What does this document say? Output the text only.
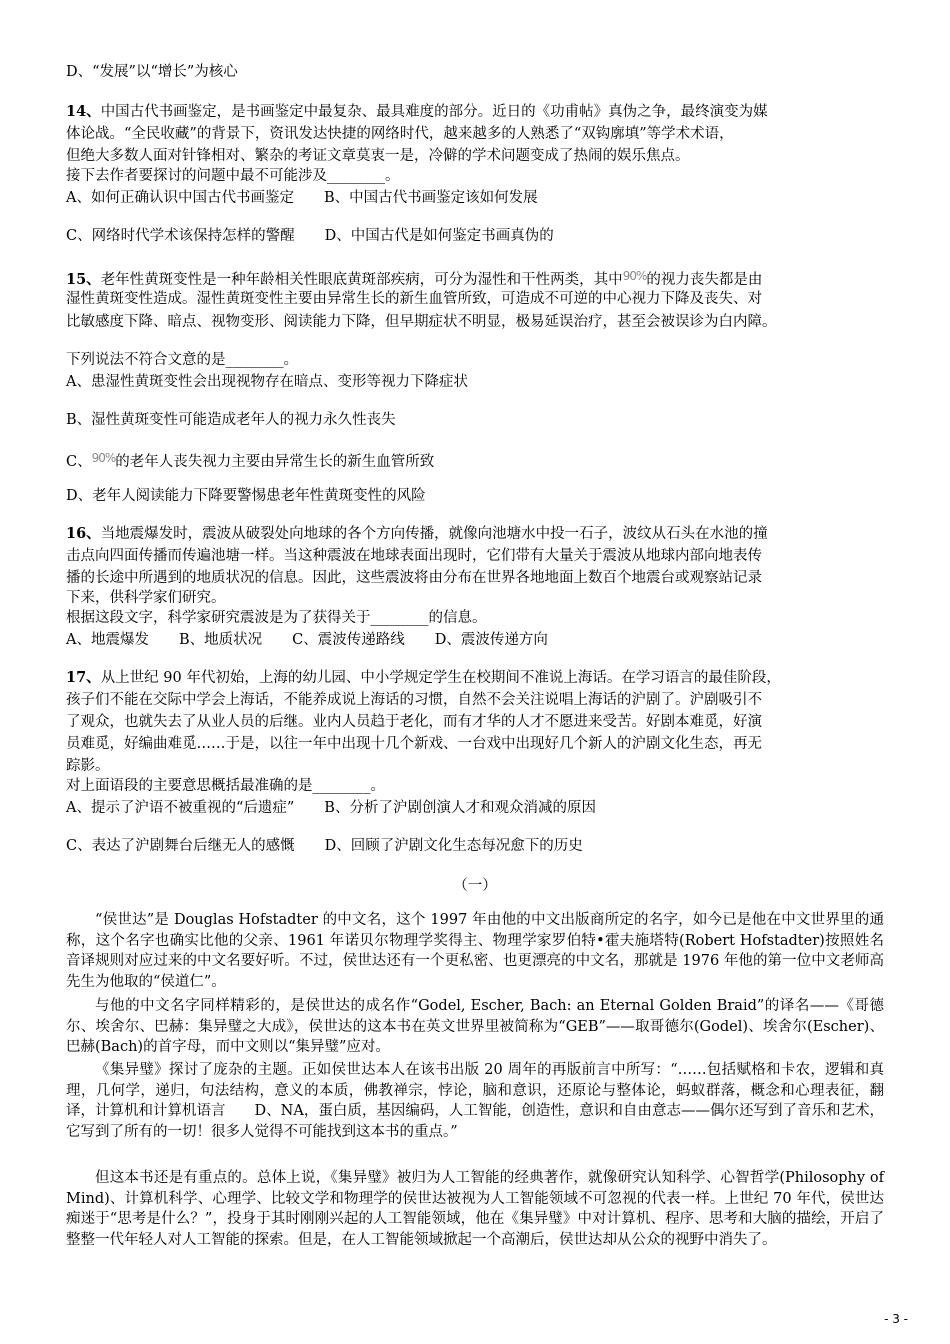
D、“发展”以“增长”为核心
14、中国古代书画鉴定，是书画鉴定中最复杂、最具难度的部分。近日的《功甫帖》真伪之争，最终演变为媒
体论战。“全民收藏”的背景下，资讯发达快捷的网络时代，越来越多的人熟悉了“双钩廓填”等学术术语，
但绝大多数人面对针锋相对、繁杂的考证文章莫衷一是，冷僻的学术问题变成了热闹的娱乐焦点。
接下去作者要探讨的问题中最不可能涉及________。
A、如何正确认识中国古代书画鉴定 B、中国古代书画鉴定该如何发展
C、网络时代学术该保持怎样的警醒 D、中国古代是如何鉴定书画真伪的
15、老年性黄斑变性是一种年龄相关性眼底黄斑部疾病，可分为湿性和干性两类，其中$^{90\%}$的视力丧失都是由
湿性黄斑变性造成。湿性黄斑变性主要由异常生长的新生血管所致，可造成不可逆的中心视力下降及丧失、对
比敏感度下降、暗点、视物变形、阅读能力下降，但早期症状不明显，极易延误治疗，甚至会被误诊为白内障。
下列说法不符合文意的是________。
A、患湿性黄斑变性会出现视物存在暗点、变形等视力下降症状
B、湿性黄斑变性可能造成老年人的视力永久性丧失
C、$^{90\%}$的老年人丧失视力主要由异常生长的新生血管所致
D、老年人阅读能力下降要警惕患老年性黄斑变性的风险
16、当地震爆发时，震波从破裂处向地球的各个方向传播，就像向池塘水中投一石子，波纹从石头在水池的撞
击点向四面传播而传遍池塘一样。当这种震波在地球表面出现时，它们带有大量关于震波从地球内部向地表传
播的长途中所遇到的地质状况的信息。因此，这些震波将由分布在世界各地地面上数百个地震台或观察站记录
下来，供科学家们研究。
根据这段文字，科学家研究震波是为了获得关于________的信息。
A、地震爆发 B、地质状况 C、震波传递路线 D、震波传递方向
17、从上世纪 90 年代初始，上海的幼儿园、中小学规定学生在校期间不准说上海话。在学习语言的最佳阶段，
孩子们不能在交际中学会上海话，不能养成说上海话的习惯，自然不会关注说唱上海话的沪剧了。沪剧吸引不
了观众，也就失去了从业人员的后继。业内人员趋于老化，而有才华的人才不愿进来受苦。好剧本难觅，好演
员难觅，好编曲难觅……于是，以往一年中出现十几个新戏、一台戏中出现好几个新人的沪剧文化生态，再无
踪影。
对上面语段的主要意思概括最准确的是________。
A、提示了沪语不被重视的“后遗症” B、分析了沪剧创演人才和观众消减的原因
C、表达了沪剧舞台后继无人的感慨 D、回顾了沪剧文化生态每况愈下的历史
（一）
“侯世达”是 Douglas Hofstadter 的中文名，这个 1997 年由他的中文出版商所定的名字，如今已是他在中文世界里的通称，这个名字也确实比他的父亲、1961 年诺贝尔物理学奖得主、物理学家罗伯特•霍夫施塔特(Robert Hofstadter)按照姓名音译规则对应过来的中文名要好听。不过，侯世达还有一个更私密、也更漂亮的中文名，那就是 1976 年他的第一位中文老师高先生为他取的“侯道仁”。
与他的中文名字同样精彩的，是侯世达的成名作“Godel, Escher, Bach: an Eternal Golden Braid”的译名——《哥德尔、埃舍尔、巴赫：集异璧之大成》，侯世达的这本书在英文世界里被简称为“GEB”——取哥德尔(Godel)、埃舍尔(Escher)、巴赫(Bach)的首字母，而中文则以“集异璧”应对。
《集异璧》探讨了庞杂的主题。正如侯世达本人在该书出版 20 周年的再版前言中所写：“……包括赋格和卡农，逻辑和真理，几何学，递归，句法结构，意义的本质，佛教禅宗，悖论，脑和意识，还原论与整体论，蚂蚁群落，概念和心理表征，翻译，计算机和计算机语言　　D、NA，蛋白质，基因编码，人工智能，创造性，意识和自由意志——偶尔还写到了音乐和艺术，它写到了所有的一切！很多人觉得不可能找到这本书的重点。”
但这本书还是有重点的。总体上说，《集异璧》被归为人工智能的经典著作，就像研究认知科学、心智哲学(Philosophy of Mind)、计算机科学、心理学、比较文学和物理学的侯世达被视为人工智能领域不可忽视的代表一样。上世纪 70 年代，侯世达痴迷于“思考是什么？”，投身于其时刚刚兴起的人工智能领域，他在《集异璧》中对计算机、程序、思考和大脑的描绘，开启了整整一代年轻人对人工智能的探索。但是，在人工智能领域掀起一个高潮后，侯世达却从公众的视野中消失了。
- 3 -
